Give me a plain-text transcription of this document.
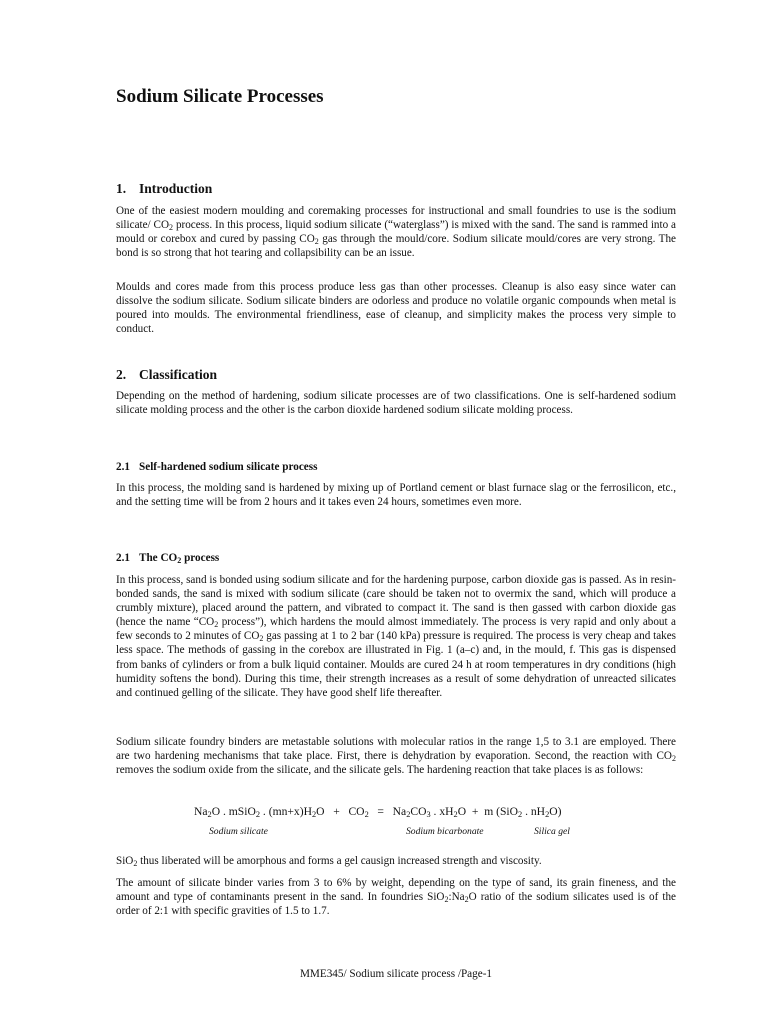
Sodium Silicate Processes
1. Introduction

One of the easiest modern moulding and coremaking processes for instructional and small foundries to use is the sodium silicate/ $CO_2$ process. In this process, liquid sodium silicate (“waterglass”) is mixed with the sand. The sand is rammed into a mould or corebox and cured by passing $CO_2$ gas through the mould/core. Sodium silicate mould/cores are very strong. The bond is so strong that hot tearing and collapsibility can be an issue.

Moulds and cores made from this process produce less gas than other processes. Cleanup is also easy since water can dissolve the sodium silicate. Sodium silicate binders are odorless and produce no volatile organic compounds when metal is poured into moulds. The environmental friendliness, ease of cleanup, and simplicity makes the process very simple to conduct.

2. Classification

Depending on the method of hardening, sodium silicate processes are of two classifications. One is self-hardened sodium silicate molding process and the other is the carbon dioxide hardened sodium silicate molding process.

2.1 Self-hardened sodium silicate process

In this process, the molding sand is hardened by mixing up of Portland cement or blast furnace slag or the ferrosilicon, etc., and the setting time will be from 2 hours and it takes even 24 hours, sometimes even more.

2.1 The $CO_2$ process

In this process, sand is bonded using sodium silicate and for the hardening purpose, carbon dioxide gas is passed. As in resin-bonded sands, the sand is mixed with sodium silicate (care should be taken not to overmix the sand, which will produce a crumbly mixture), placed around the pattern, and vibrated to compact it. The sand is then gassed with carbon dioxide gas (hence the name “$CO_2$ process”), which hardens the mould almost immediately. The process is very rapid and only about a few seconds to 2 minutes of $CO_2$ gas passing at 1 to 2 bar (140 kPa) pressure is required. The process is very cheap and takes less space. The methods of gassing in the corebox are illustrated in Fig. 1 (a–c) and, in the mould, f. This gas is dispensed from banks of cylinders or from a bulk liquid container. Moulds are cured 24 h at room temperatures in dry conditions (high humidity softens the bond). During this time, their strength increases as a result of some dehydration of unreacted silicates and continued gelling of the silicate. They have good shelf life thereafter.

Sodium silicate foundry binders are metastable solutions with molecular ratios in the range 1,5 to 3.1 are employed. There are two hardening mechanisms that take place. First, there is dehydration by evaporation. Second, the reaction with $CO_2$ removes the sodium oxide from the silicate, and the silicate gels. The hardening reaction that take places is as follows:

$Na_2O$ . mSiO$_2$ . $(mn+x)H_2O + CO_2 = Na_2CO_3$ . $xH_2O + m$ (SiO$_2$ . $nH_2O$)
Sodium silicate	Sodium bicarbonate	Silica gel

SiO$_2$ thus liberated will be amorphous and forms a gel causign increased strength and viscosity.

The amount of silicate binder varies from 3 to 6% by weight, depending on the type of sand, its grain fineness, and the amount and type of contaminants present in the sand. In foundries $SiO_2:Na_2O$ ratio of the sodium silicates used is of the order of 2:1 with specific gravities of 1.5 to 1.7.

MME345/ Sodium silicate process /Page-1
